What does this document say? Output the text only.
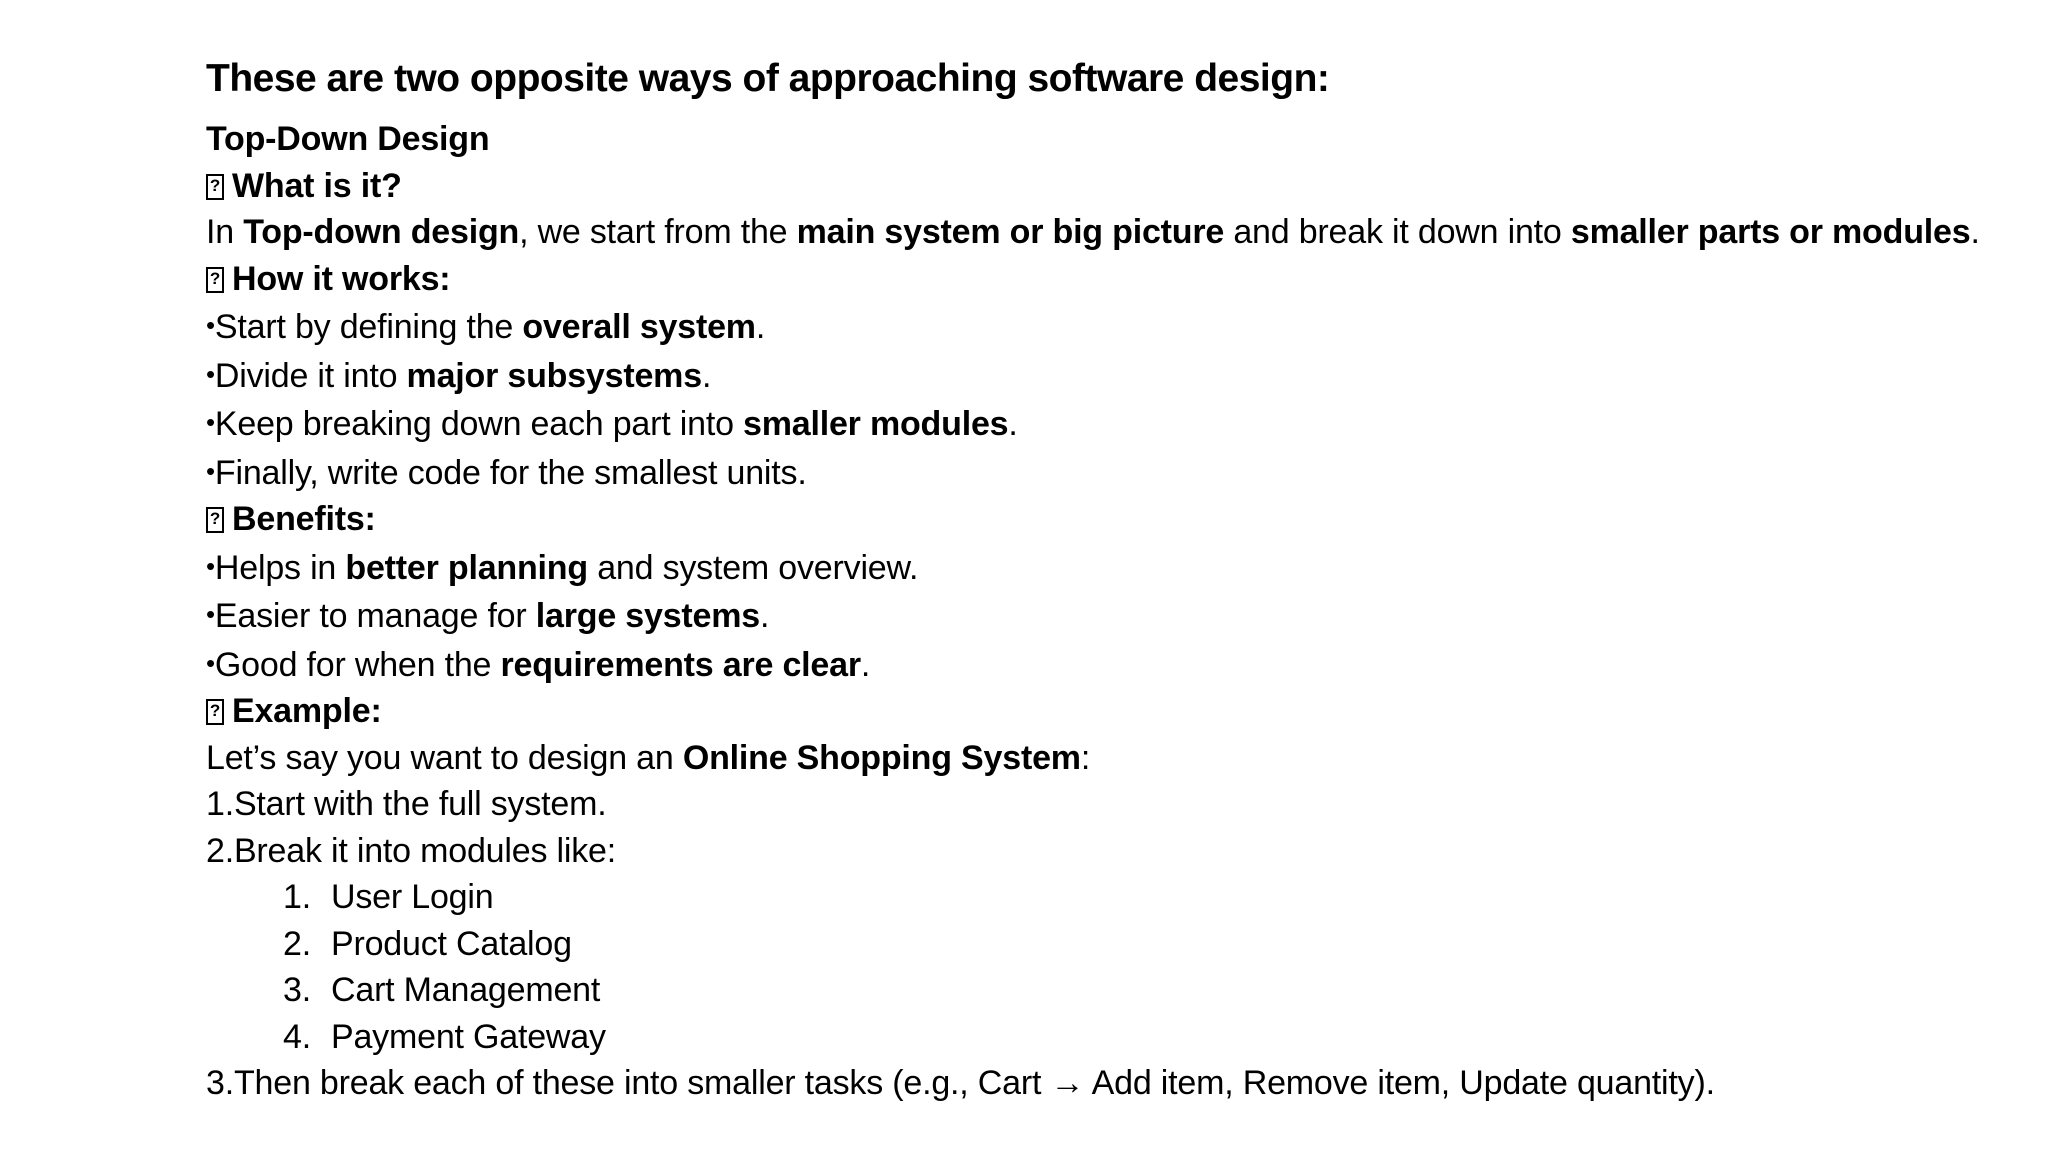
These are two opposite ways of approaching software design:
Top-Down Design
?What is it?
In Top-down design, we start from the main system or big picture and break it down into smaller parts or modules.
?How it works:
•Start by defining the overall system.
•Divide it into major subsystems.
•Keep breaking down each part into smaller modules.
•Finally, write code for the smallest units.
?Benefits:
•Helps in better planning and system overview.
•Easier to manage for large systems.
•Good for when the requirements are clear.
?Example:
Let’s say you want to design an Online Shopping System:
1.Start with the full system.
2.Break it into modules like:
1. User Login
2. Product Catalog
3. Cart Management
4. Payment Gateway
3.Then break each of these into smaller tasks (e.g., Cart → Add item, Remove item, Update quantity).
